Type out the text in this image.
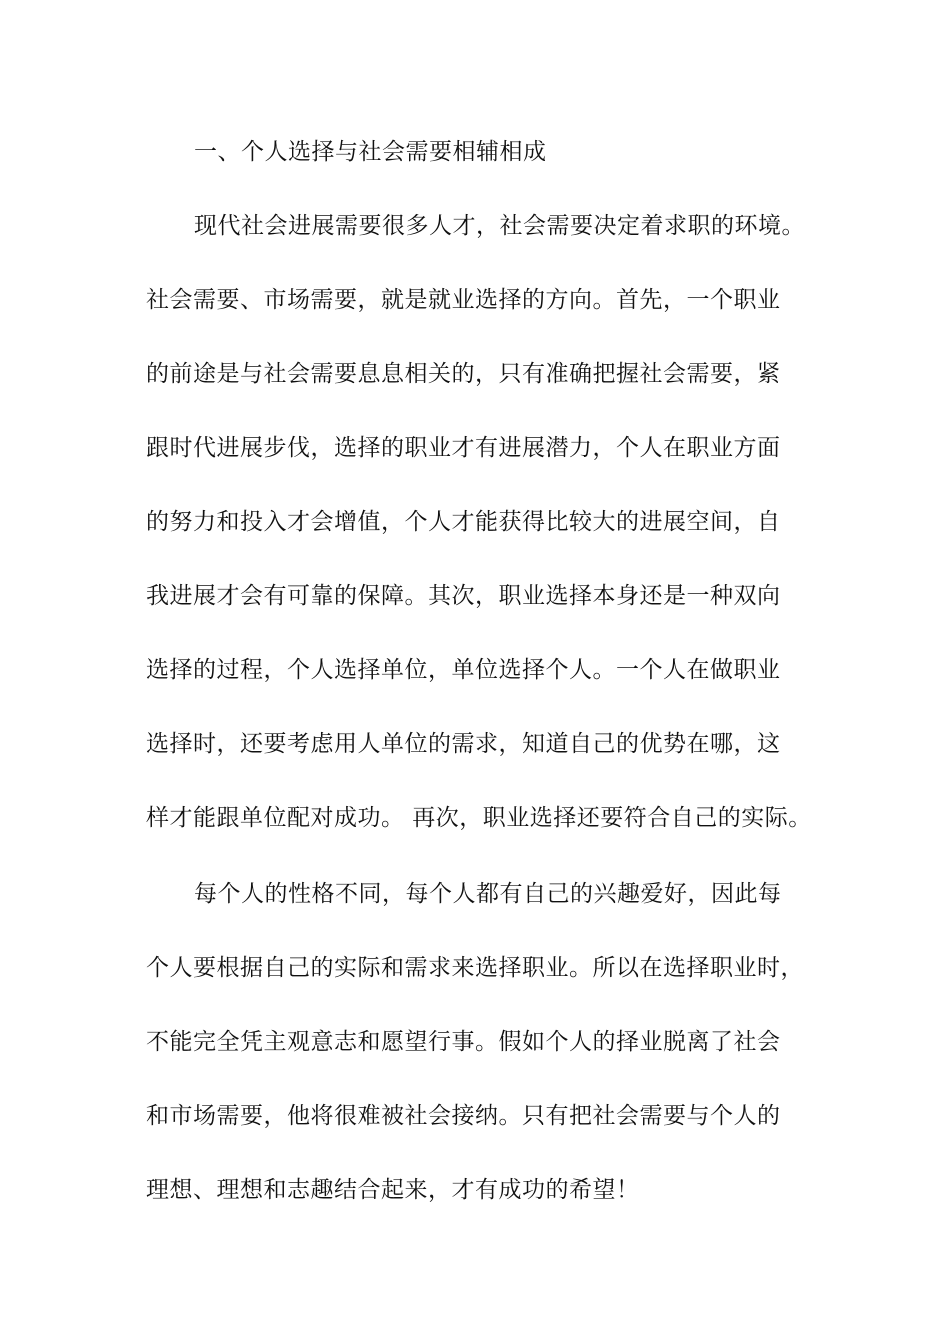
一、个人选择与社会需要相辅相成
现代社会进展需要很多人才，社会需要决定着求职的环境。
社会需要、市场需要，就是就业选择的方向。首先，一个职业
的前途是与社会需要息息相关的，只有准确把握社会需要，紧
跟时代进展步伐，选择的职业才有进展潜力，个人在职业方面
的努力和投入才会增值，个人才能获得比较大的进展空间，自
我进展才会有可靠的保障。其次，职业选择本身还是一种双向
选择的过程，个人选择单位，单位选择个人。一个人在做职业
选择时，还要考虑用人单位的需求，知道自己的优势在哪，这
样才能跟单位配对成功。 再次，职业选择还要符合自己的实际。
每个人的性格不同，每个人都有自己的兴趣爱好，因此每
个人要根据自己的实际和需求来选择职业。所以在选择职业时，
不能完全凭主观意志和愿望行事。假如个人的择业脱离了社会
和市场需要，他将很难被社会接纳。只有把社会需要与个人的
理想、理想和志趣结合起来，才有成功的希望！
